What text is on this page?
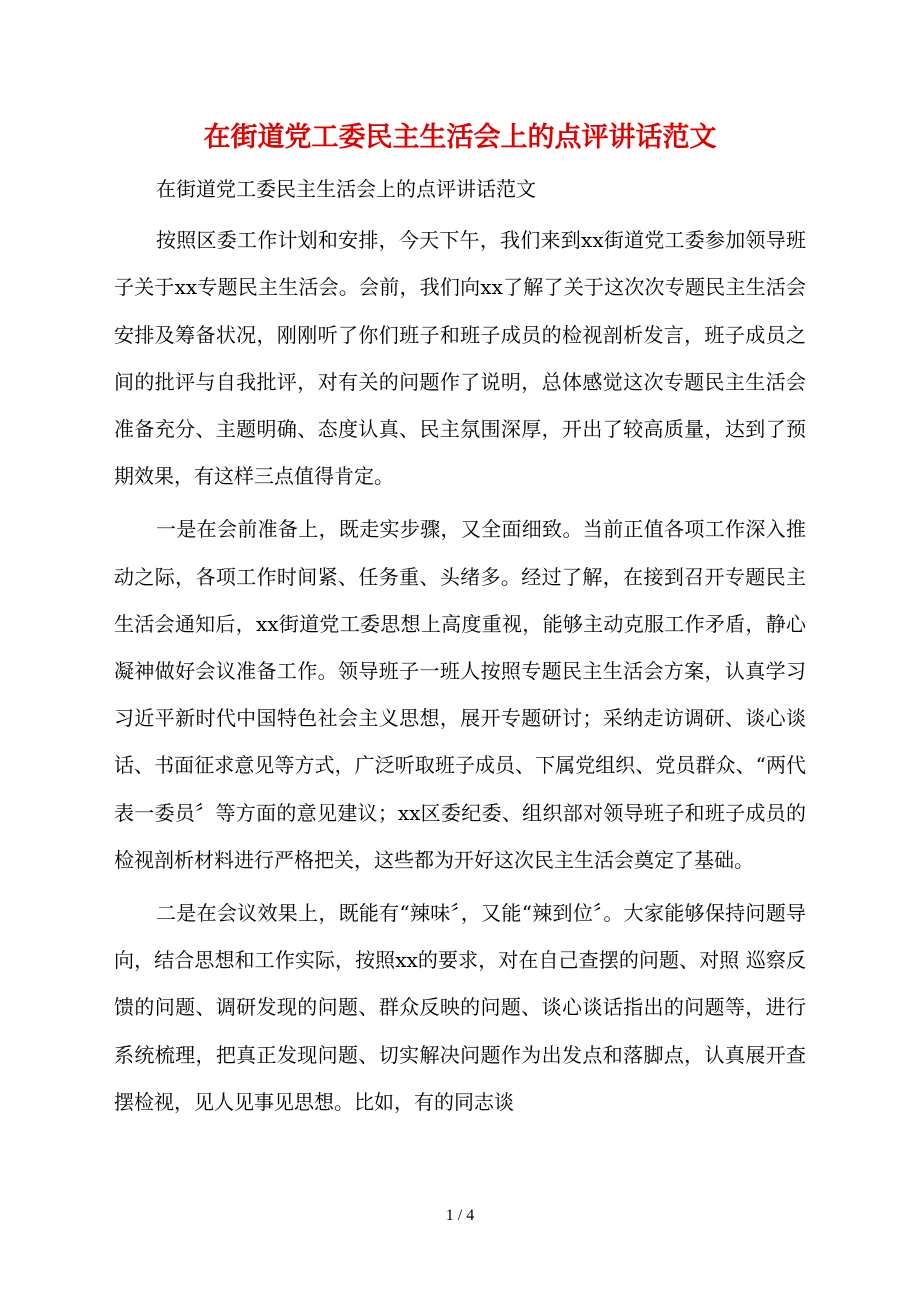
在街道党工委民主生活会上的点评讲话范文

在街道党工委民主生活会上的点评讲话范文

按照区委工作计划和安排，今天下午，我们来到xx街道党工委参加领导班子关于xx专题民主生活会。会前，我们向xx了解了关于这次次专题民主生活会安排及筹备状况，刚刚听了你们班子和班子成员的检视剖析发言，班子成员之间的批评与自我批评，对有关的问题作了说明，总体感觉这次专题民主生活会准备充分、主题明确、态度认真、民主氛围深厚，开出了较高质量，达到了预期效果，有这样三点值得肯定。

一是在会前准备上，既走实步骤，又全面细致。当前正值各项工作深入推动之际，各项工作时间紧、任务重、头绪多。经过了解，在接到召开专题民主生活会通知后，xx街道党工委思想上高度重视，能够主动克服工作矛盾，静心凝神做好会议准备工作。领导班子一班人按照专题民主生活会方案，认真学习习近平新时代中国特色社会主义思想，展开专题研讨；采纳走访调研、谈心谈话、书面征求意见等方式，广泛听取班子成员、下属党组织、党员群众、“两代表一委员〞等方面的意见建议；xx区委纪委、组织部对领导班子和班子成员的检视剖析材料进行严格把关，这些都为开好这次民主生活会奠定了基础。

二是在会议效果上，既能有“辣味〞，又能“辣到位〞。大家能够保持问题导向，结合思想和工作实际，按照xx的要求，对在自己查摆的问题、对照 巡察反馈的问题、调研发现的问题、群众反映的问题、谈心谈话指出的问题等，进行系统梳理，把真正发现问题、切实解决问题作为出发点和落脚点，认真展开查摆检视，见人见事见思想。比如，有的同志谈

1 / 4
